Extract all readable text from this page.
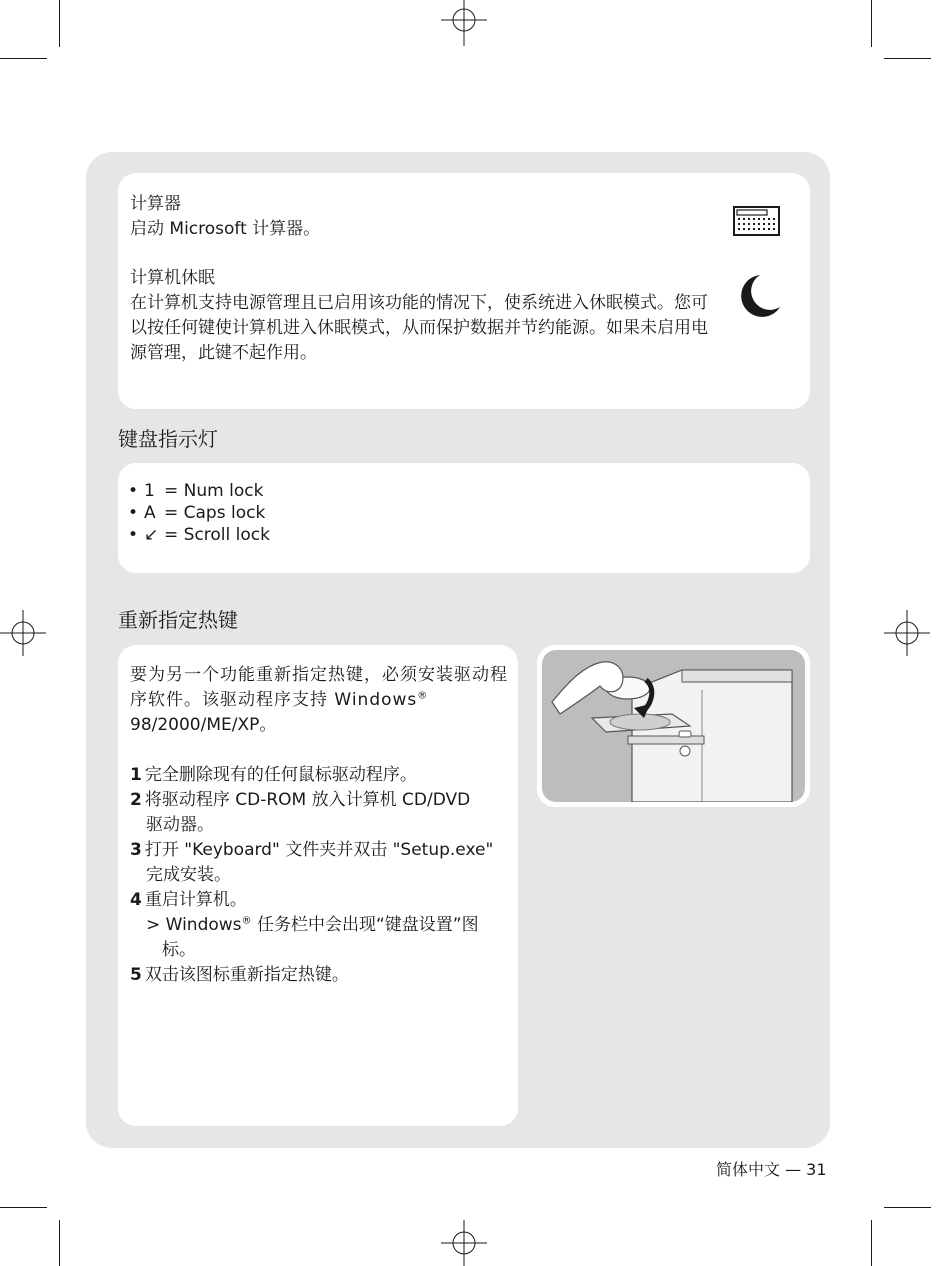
计算器
启动 Microsoft 计算器。
计算机休眠
在计算机支持电源管理且已启用该功能的情况下，使系统进入休眠模式。您可以按任何键使计算机进入休眠模式，从而保护数据并节约能源。如果未启用电源管理，此键不起作用。
键盘指示灯
• 1 = Num lock
• A = Caps lock
• ↙ = Scroll lock
重新指定热键
要为另一个功能重新指定热键，必须安装驱动程序软件。该驱动程序支持 Windows®
98/2000/ME/XP。
1 完全删除现有的任何鼠标驱动程序。
2 将驱动程序 CD-ROM 放入计算机 CD/DVD
驱动器。
3 打开 "Keyboard" 文件夹并双击 "Setup.exe"
完成安装。
4 重启计算机。
> Windows® 任务栏中会出现“键盘设置”图
标。
5 双击该图标重新指定热键。
简体中文 — 31
